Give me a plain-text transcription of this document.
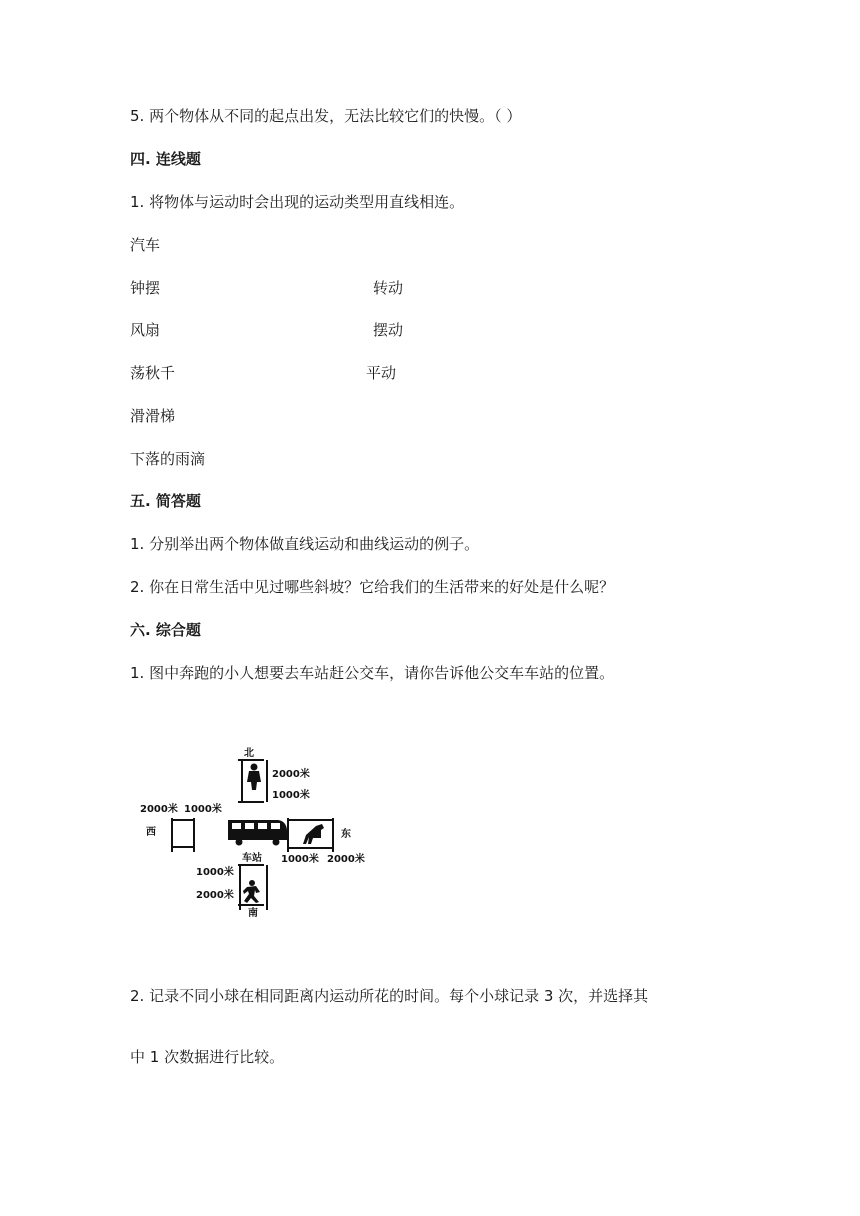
5. 两个物体从不同的起点出发，无法比较它们的快慢。（ ）
四. 连线题
1. 将物体与运动时会出现的运动类型用直线相连。
汽车
钟摆
风扇
荡秋千
滑滑梯
下落的雨滴
转动
摆动
平动
五. 简答题
1. 分别举出两个物体做直线运动和曲线运动的例子。
2. 你在日常生活中见过哪些斜坡？它给我们的生活带来的好处是什么呢？
六. 综合题
1. 图中奔跑的小人想要去车站赶公交车，请你告诉他公交车车站的位置。
北
2000米
1000米
2000米 1000米
西
车站
东
1000米 2000米
1000米
2000米
南
2. 记录不同小球在相同距离内运动所花的时间。每个小球记录 3 次，并选择其
中 1 次数据进行比较。
